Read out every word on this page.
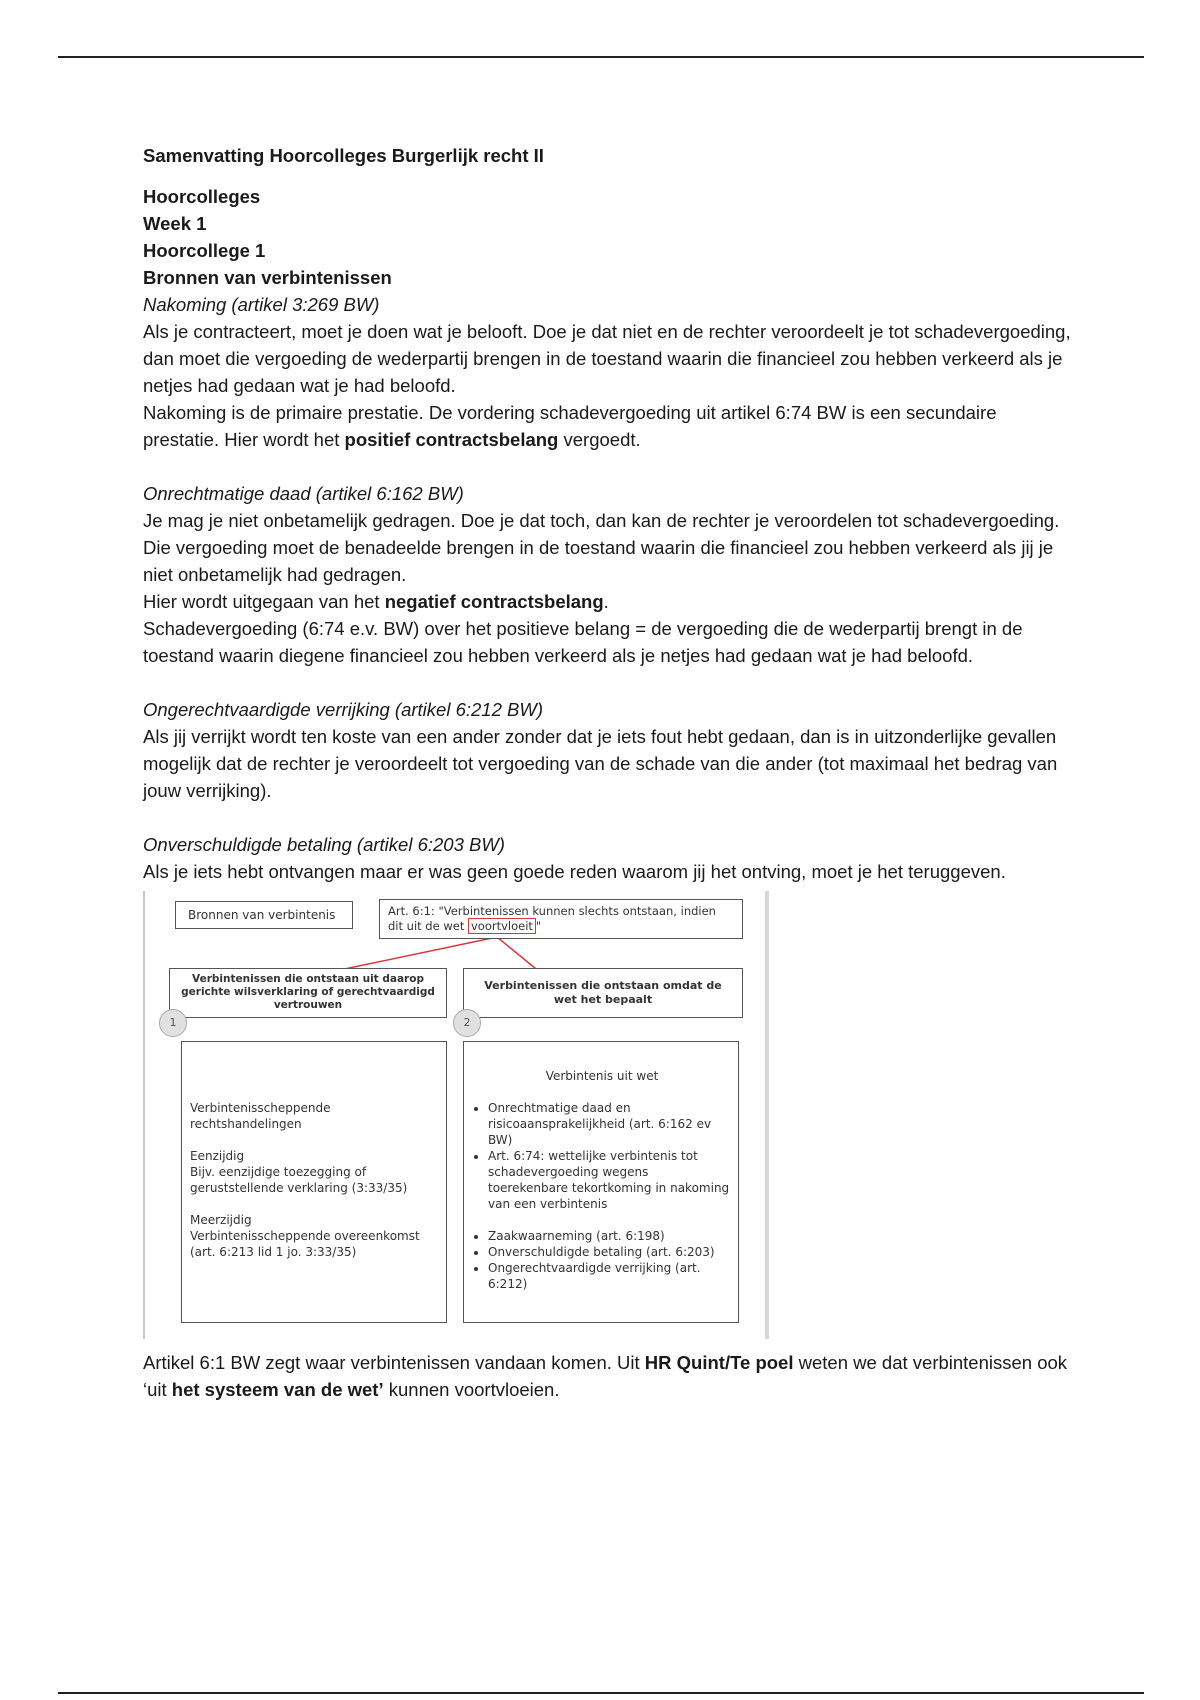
Samenvatting Hoorcolleges Burgerlijk recht II

Hoorcolleges

Week 1

Hoorcollege 1

Bronnen van verbintenissen

Nakoming (artikel 3:269 BW)

Als je contracteert, moet je doen wat je belooft. Doe je dat niet en de rechter veroordeelt je tot schadevergoeding, dan moet die vergoeding de wederpartij brengen in de toestand waarin die financieel zou hebben verkeerd als je netjes had gedaan wat je had beloofd.

Nakoming is de primaire prestatie. De vordering schadevergoeding uit artikel 6:74 BW is een secundaire prestatie. Hier wordt het positief contractsbelang vergoedt.

Onrechtmatige daad (artikel 6:162 BW)

Je mag je niet onbetamelijk gedragen. Doe je dat toch, dan kan de rechter je veroordelen tot schadevergoeding. Die vergoeding moet de benadeelde brengen in de toestand waarin die financieel zou hebben verkeerd als jij je niet onbetamelijk had gedragen.

Hier wordt uitgegaan van het negatief contractsbelang.

Schadevergoeding (6:74 e.v. BW) over het positieve belang = de vergoeding die de wederpartij brengt in de toestand waarin diegene financieel zou hebben verkeerd als je netjes had gedaan wat je had beloofd.

Ongerechtvaardigde verrijking (artikel 6:212 BW)

Als jij verrijkt wordt ten koste van een ander zonder dat je iets fout hebt gedaan, dan is in uitzonderlijke gevallen mogelijk dat de rechter je veroordeelt tot vergoeding van de schade van die ander (tot maximaal het bedrag van jouw verrijking).

Onverschuldigde betaling (artikel 6:203 BW)

Als je iets hebt ontvangen maar er was geen goede reden waarom jij het ontving, moet je het teruggeven.

Bronnen van verbintenis	Art. 6:1: "Verbintenissen kunnen slechts ontstaan, indien dit uit de wet voortvloeit "
Verbintenissen die ontstaan uit daarop gerichte wilsverklaring of gerechtvaardigd vertrouwen
Verbintenissen die ontstaan omdat de wet het bepaalt
1	2

Verbintenisscheppende rechtshandelingen

Eenzijdig
Bijv. eenzijdige toezegging of geruststellende verklaring (3:33/35)

Meerzijdig
Verbintenisscheppende overeenkomst (art. 6:213 lid 1 jo. 3:33/35)

Verbintenis uit wet
• Onrechtmatige daad en risicoaansprakelijkheid (art. 6:162 ev BW)
• Art. 6:74: wettelijke verbintenis tot schadevergoeding wegens toerekenbare tekortkoming in nakoming van een verbintenis
• Zaakwaarneming (art. 6:198)
• Onverschuldigde betaling (art. 6:203)
• Ongerechtvaardigde verrijking (art. 6:212)

Artikel 6:1 BW zegt waar verbintenissen vandaan komen. Uit HR Quint/Te poel weten we dat verbintenissen ook ‘uit het systeem van de wet’ kunnen voortvloeien.
